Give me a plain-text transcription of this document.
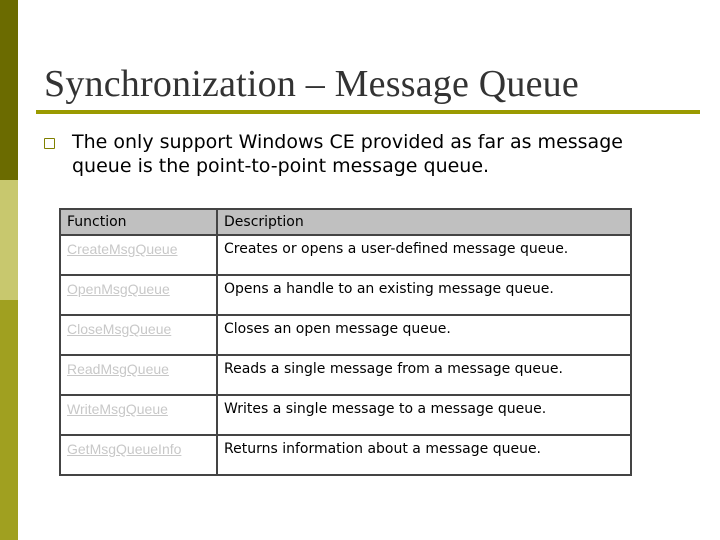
Synchronization – Message Queue
The only support Windows CE provided as far as message queue is the point-to-point message queue.
Function	Description
CreateMsgQueue	Creates or opens a user-defined message queue.
OpenMsgQueue	Opens a handle to an existing message queue.
CloseMsgQueue	Closes an open message queue.
ReadMsgQueue	Reads a single message from a message queue.
WriteMsgQueue	Writes a single message to a message queue.
GetMsgQueueInfo	Returns information about a message queue.
